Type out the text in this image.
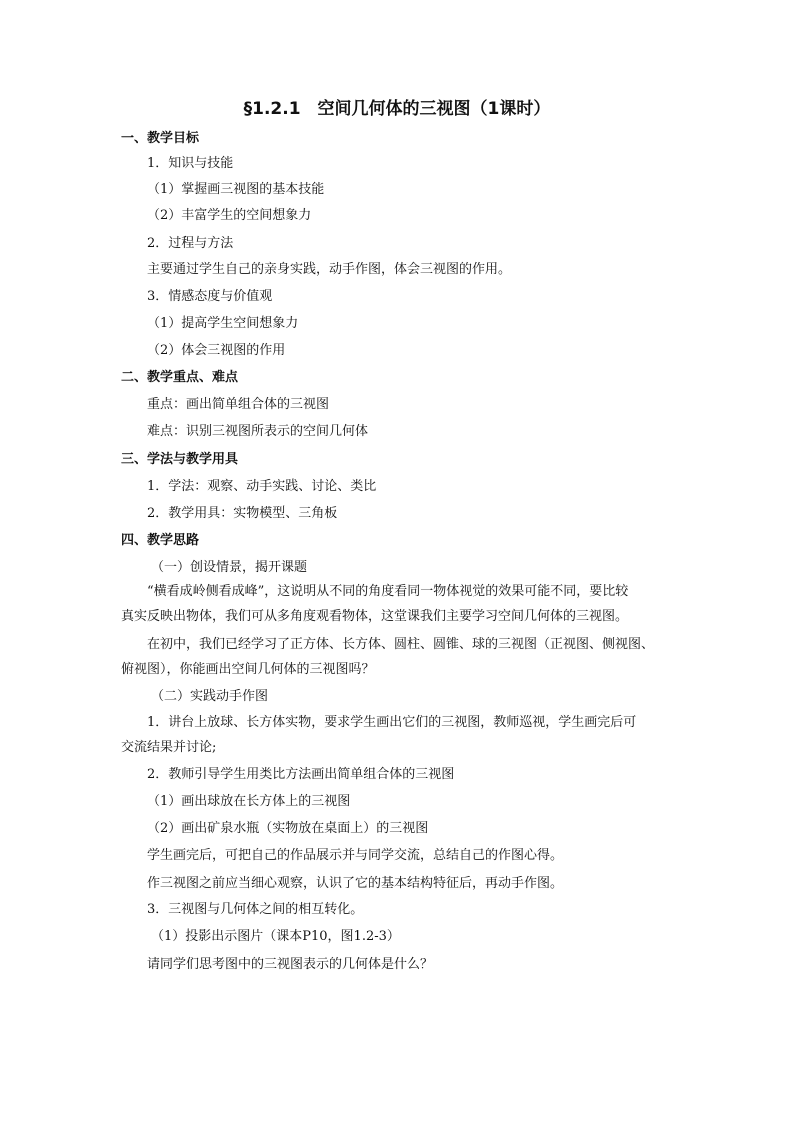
§1.2.1　空间几何体的三视图（1课时）
一、教学目标
1．知识与技能
（1）掌握画三视图的基本技能
（2）丰富学生的空间想象力
2．过程与方法
主要通过学生自己的亲身实践，动手作图，体会三视图的作用。
3．情感态度与价值观
（1）提高学生空间想象力
（2）体会三视图的作用
二、教学重点、难点
重点：画出简单组合体的三视图
难点：识别三视图所表示的空间几何体
三、学法与教学用具
1．学法：观察、动手实践、讨论、类比
2．教学用具：实物模型、三角板
四、教学思路
（一）创设情景，揭开课题
“横看成岭侧看成峰”，这说明从不同的角度看同一物体视觉的效果可能不同，要比较
真实反映出物体，我们可从多角度观看物体，这堂课我们主要学习空间几何体的三视图。
在初中，我们已经学习了正方体、长方体、圆柱、圆锥、球的三视图（正视图、侧视图、
俯视图），你能画出空间几何体的三视图吗？
（二）实践动手作图
1．讲台上放球、长方体实物，要求学生画出它们的三视图，教师巡视，学生画完后可
交流结果并讨论;
2．教师引导学生用类比方法画出简单组合体的三视图
（1）画出球放在长方体上的三视图
（2）画出矿泉水瓶（实物放在桌面上）的三视图
学生画完后，可把自己的作品展示并与同学交流，总结自己的作图心得。
作三视图之前应当细心观察，认识了它的基本结构特征后，再动手作图。
3．三视图与几何体之间的相互转化。
（1）投影出示图片（课本P10，图1.2-3）
请同学们思考图中的三视图表示的几何体是什么？
